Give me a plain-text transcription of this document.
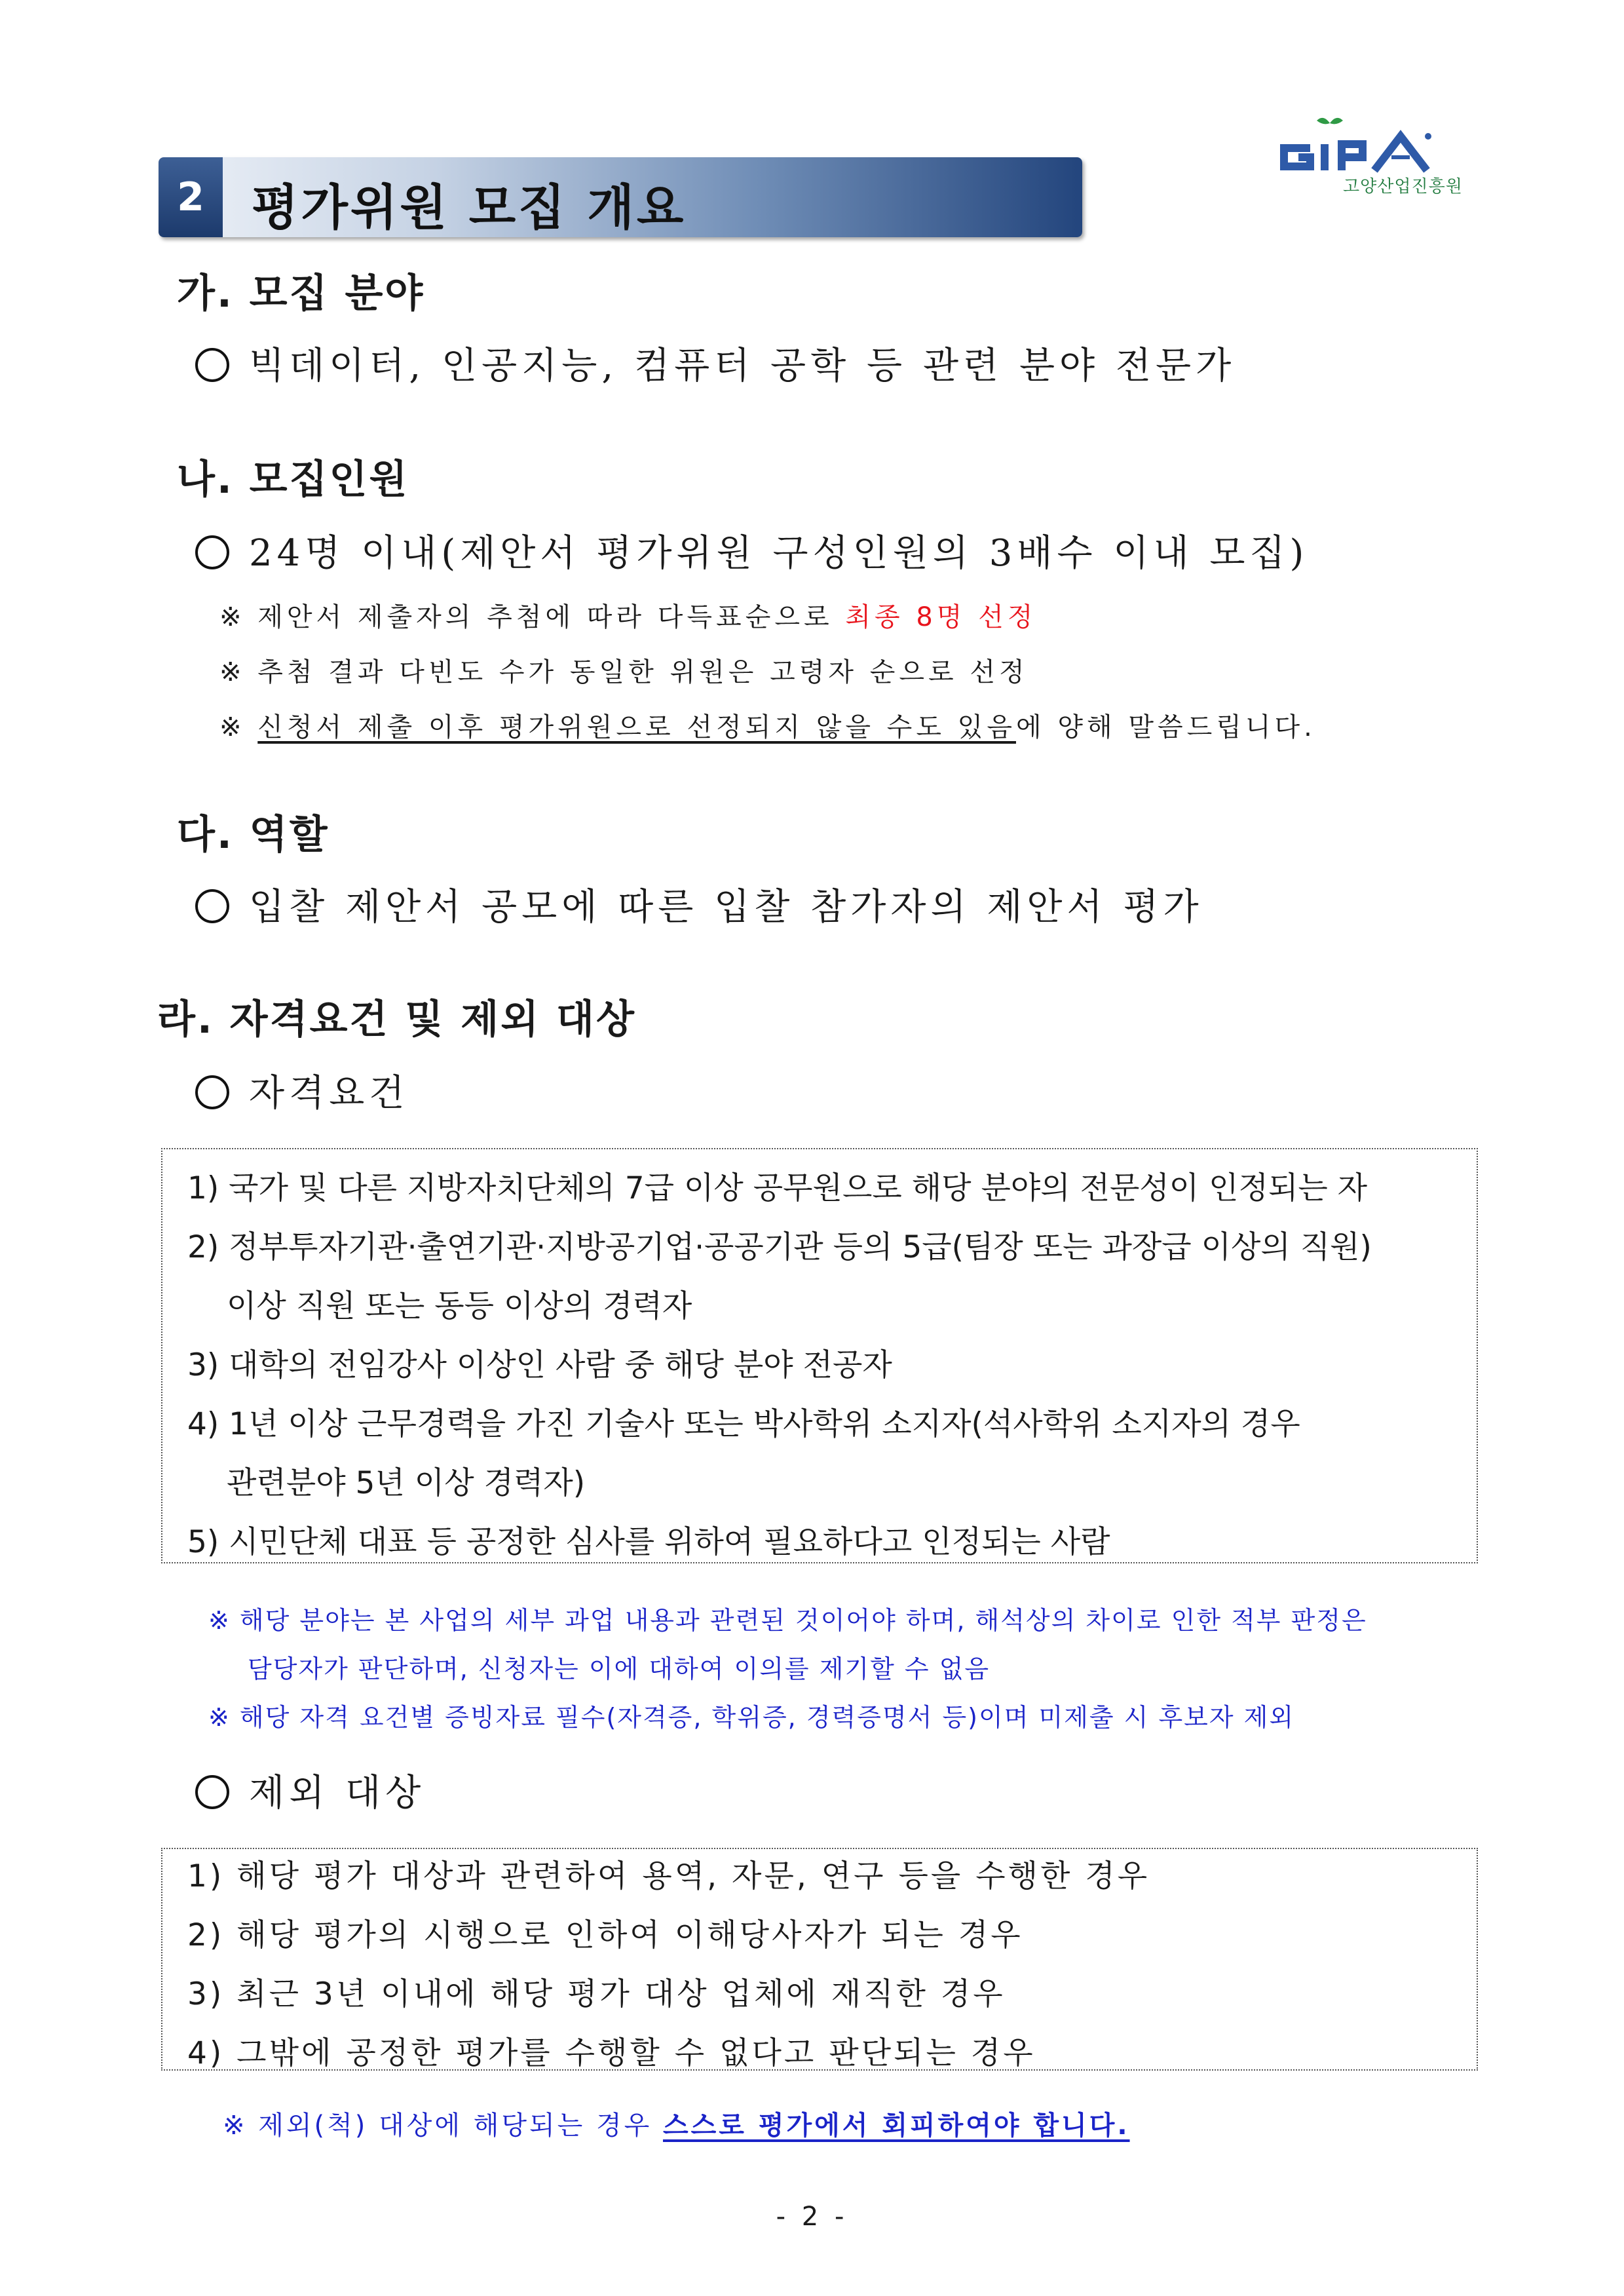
고양산업진흥원
2 평가위원 모집 개요
가. 모집 분야
빅데이터, 인공지능, 컴퓨터 공학 등 관련 분야 전문가
나. 모집인원
24명 이내(제안서 평가위원 구성인원의 3배수 이내 모집)
※ 제안서 제출자의 추첨에 따라 다득표순으로 최종 8명 선정
※ 추첨 결과 다빈도 수가 동일한 위원은 고령자 순으로 선정
※ 신청서 제출 이후 평가위원으로 선정되지 않을 수도 있음에 양해 말씀드립니다.
다. 역할
입찰 제안서 공모에 따른 입찰 참가자의 제안서 평가
라. 자격요건 및 제외 대상
자격요건
1) 국가 및 다른 지방자치단체의 7급 이상 공무원으로 해당 분야의 전문성이 인정되는 자
2) 정부투자기관·출연기관·지방공기업·공공기관 등의 5급(팀장 또는 과장급 이상의 직원)
이상 직원 또는 동등 이상의 경력자
3) 대학의 전임강사 이상인 사람 중 해당 분야 전공자
4) 1년 이상 근무경력을 가진 기술사 또는 박사학위 소지자(석사학위 소지자의 경우
관련분야 5년 이상 경력자)
5) 시민단체 대표 등 공정한 심사를 위하여 필요하다고 인정되는 사람
※ 해당 분야는 본 사업의 세부 과업 내용과 관련된 것이어야 하며, 해석상의 차이로 인한 적부 판정은
담당자가 판단하며, 신청자는 이에 대하여 이의를 제기할 수 없음
※ 해당 자격 요건별 증빙자료 필수(자격증, 학위증, 경력증명서 등)이며 미제출 시 후보자 제외
제외 대상
1) 해당 평가 대상과 관련하여 용역, 자문, 연구 등을 수행한 경우
2) 해당 평가의 시행으로 인하여 이해당사자가 되는 경우
3) 최근 3년 이내에 해당 평가 대상 업체에 재직한 경우
4) 그밖에 공정한 평가를 수행할 수 없다고 판단되는 경우
※ 제외(척) 대상에 해당되는 경우 스스로 평가에서 회피하여야 합니다.
- 2 -
